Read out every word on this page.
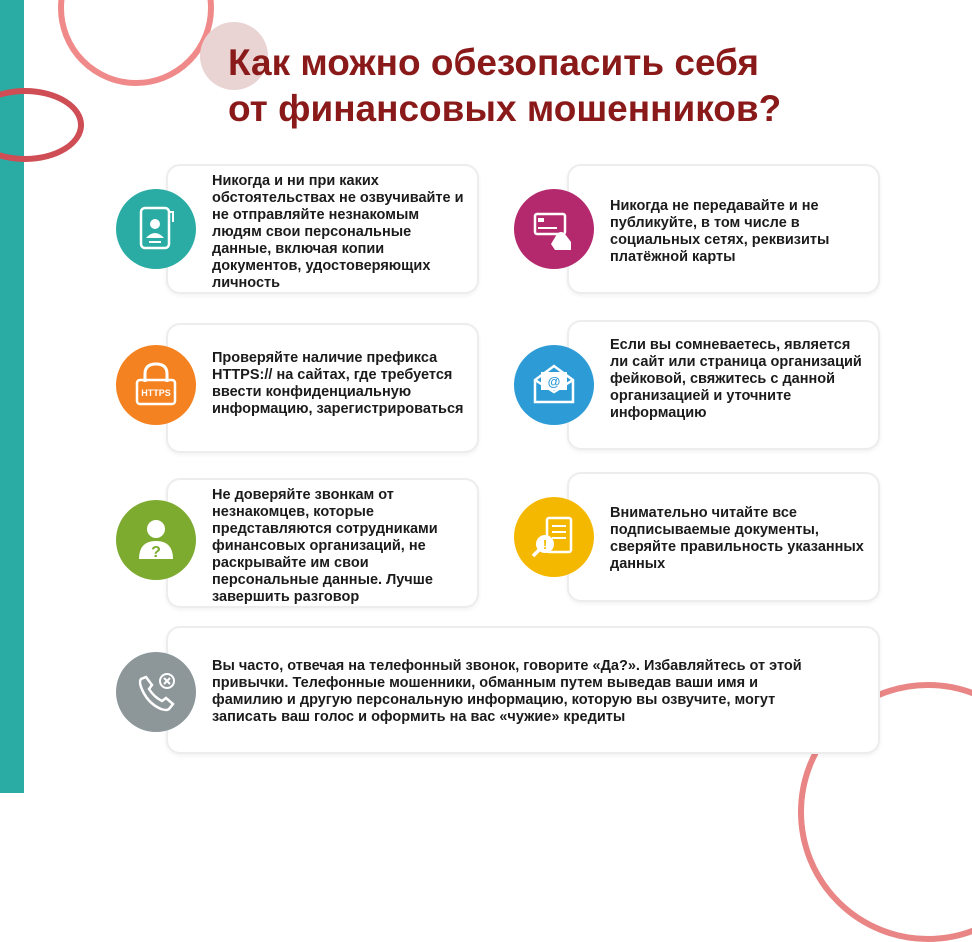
Как можно обезопасить себя
от финансовых мошенников?

Никогда и ни при каких обстоятельствах не озвучивайте и не отправляйте незнакомым людям свои персональные данные, включая копии документов, удостоверяющих личность

Никогда не передавайте и не публикуйте, в том числе в социальных сетях, реквизиты платёжной карты

HTTPS

Проверяйте наличие префикса HTTPS:// на сайтах, где требуется ввести конфиденциальную информацию, зарегистрироваться

@

Если вы сомневаетесь, является ли сайт или страница организаций фейковой, свяжитесь с данной организацией и уточните информацию

?

Не доверяйте звонкам от незнакомцев, которые представляются сотрудниками финансовых организаций, не раскрывайте им свои персональные данные. Лучше завершить разговор

!

Внимательно читайте все подписываемые документы, сверяйте правильность указанных данных

Вы часто, отвечая на телефонный звонок, говорите «Да?». Избавляйтесь от этой привычки. Телефонные мошенники, обманным путем выведав ваши имя и фамилию и другую персональную информацию, которую вы озвучите, могут записать ваш голос и оформить на вас «чужие» кредиты
